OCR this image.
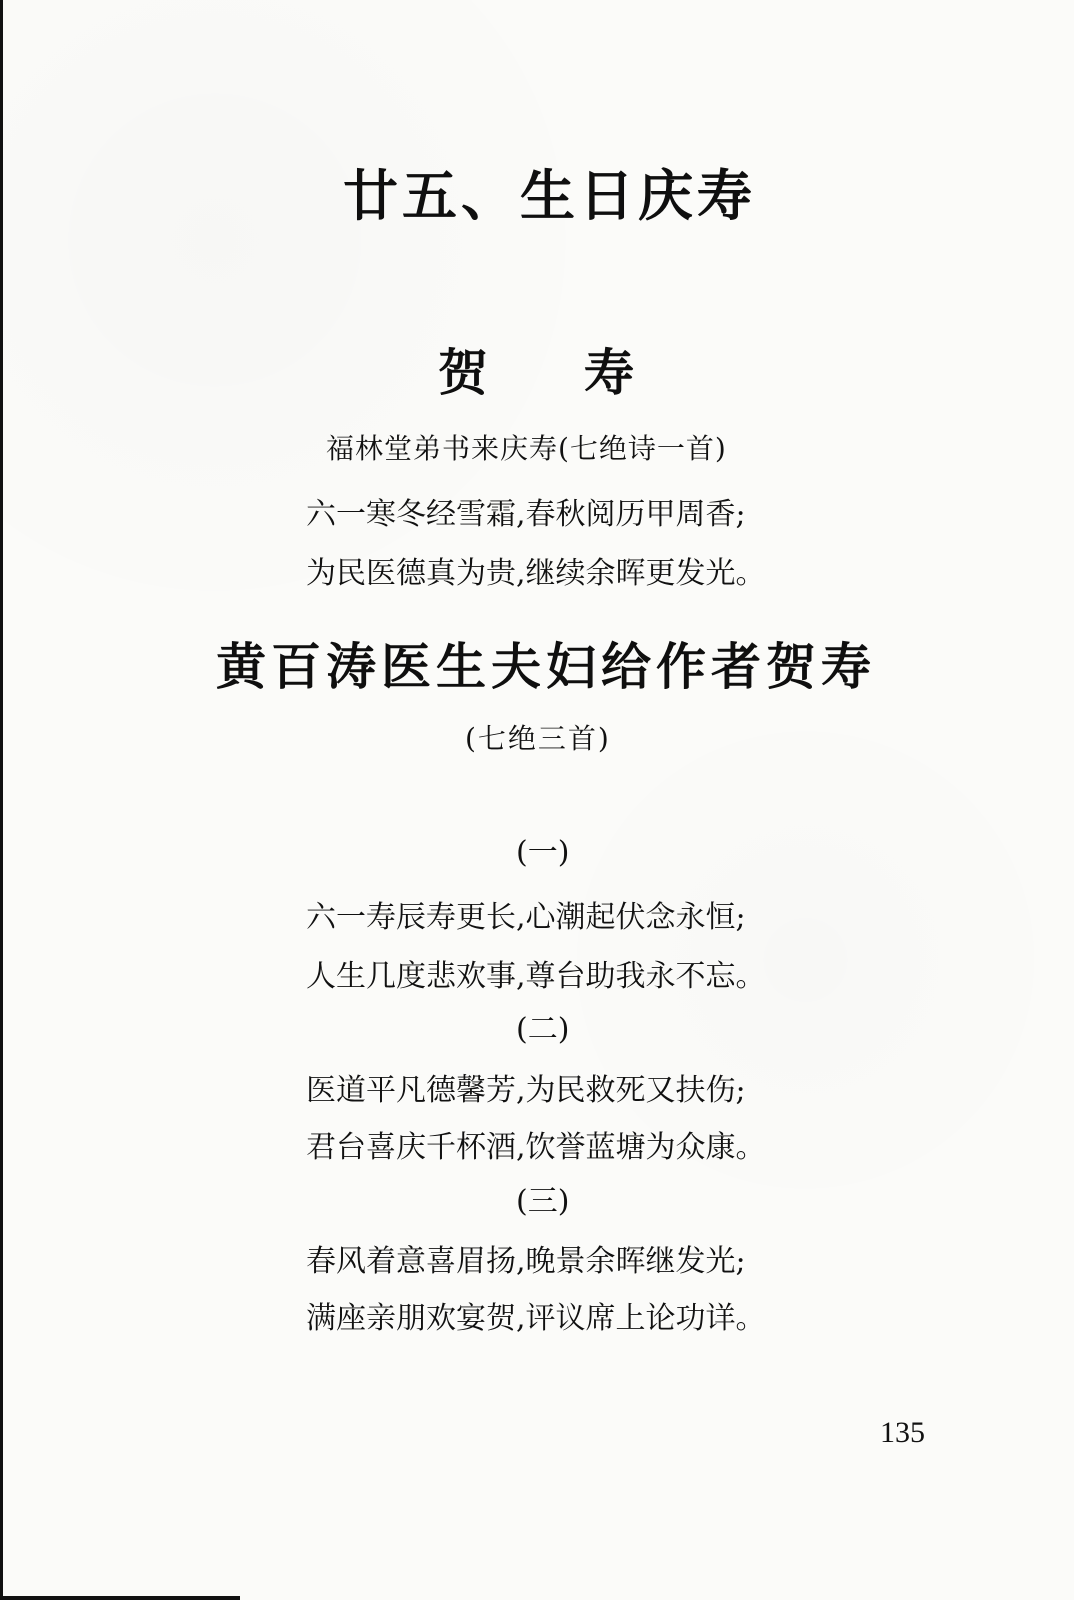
廿五、生日庆寿
贺寿
福林堂弟书来庆寿(七绝诗一首)
六一寒冬经雪霜,春秋阅历甲周香;
为民医德真为贵,继续余晖更发光。
黄百涛医生夫妇给作者贺寿
(七绝三首)
(一)
六一寿辰寿更长,心潮起伏念永恒;
人生几度悲欢事,尊台助我永不忘。
(二)
医道平凡德馨芳,为民救死又扶伤;
君台喜庆千杯酒,饮誉蓝塘为众康。
(三)
春风着意喜眉扬,晚景余晖继发光;
满座亲朋欢宴贺,评议席上论功详。
135
